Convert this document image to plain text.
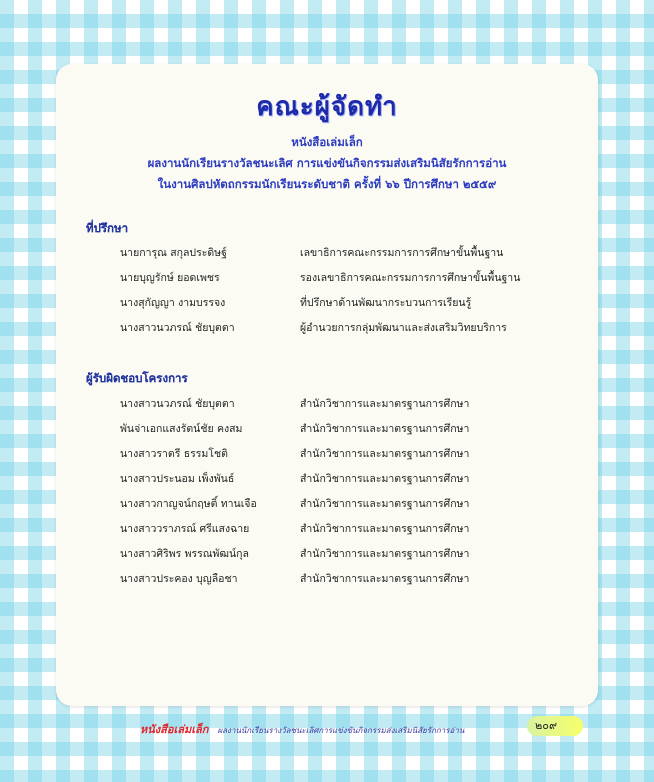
คณะผู้จัดทำ
หนังสือเล่มเล็ก
ผลงานนักเรียนรางวัลชนะเลิศ การแข่งขันกิจกรรมส่งเสริมนิสัยรักการอ่าน
ในงานศิลปหัตถกรรมนักเรียนระดับชาติ ครั้งที่ ๖๖ ปีการศึกษา ๒๕๕๙
ที่ปรึกษา
นายการุณ สกุลประดิษฐ์	เลขาธิการคณะกรรมการการศึกษาขั้นพื้นฐาน
นายบุญรักษ์ ยอดเพชร	รองเลขาธิการคณะกรรมการการศึกษาขั้นพื้นฐาน
นางสุกัญญา งามบรรจง	ที่ปรึกษาด้านพัฒนากระบวนการเรียนรู้
นางสาวนวภรณ์ ชัยบุตตา	ผู้อำนวยการกลุ่มพัฒนาและส่งเสริมวิทยบริการ
ผู้รับผิดชอบโครงการ
นางสาวนวภรณ์ ชัยบุตตา	สำนักวิชาการและมาตรฐานการศึกษา
พันจ่าเอกแสงรัตน์ชัย คงสม	สำนักวิชาการและมาตรฐานการศึกษา
นางสาวราตรี ธรรมโชติ	สำนักวิชาการและมาตรฐานการศึกษา
นางสาวประนอม เพ็งพันธ์	สำนักวิชาการและมาตรฐานการศึกษา
นางสาวกาญจน์กฤษติ์ ทานเจือ	สำนักวิชาการและมาตรฐานการศึกษา
นางสาววราภรณ์ ศรีแสงฉาย	สำนักวิชาการและมาตรฐานการศึกษา
นางสาวศิริพร พรรณพัฒน์กุล	สำนักวิชาการและมาตรฐานการศึกษา
นางสาวประคอง บุญลือชา	สำนักวิชาการและมาตรฐานการศึกษา
หนังสือเล่มเล็ก ผลงานนักเรียนรางวัลชนะเลิศการแข่งขันกิจกรรมส่งเสริมนิสัยรักการอ่าน	๒๐๙
